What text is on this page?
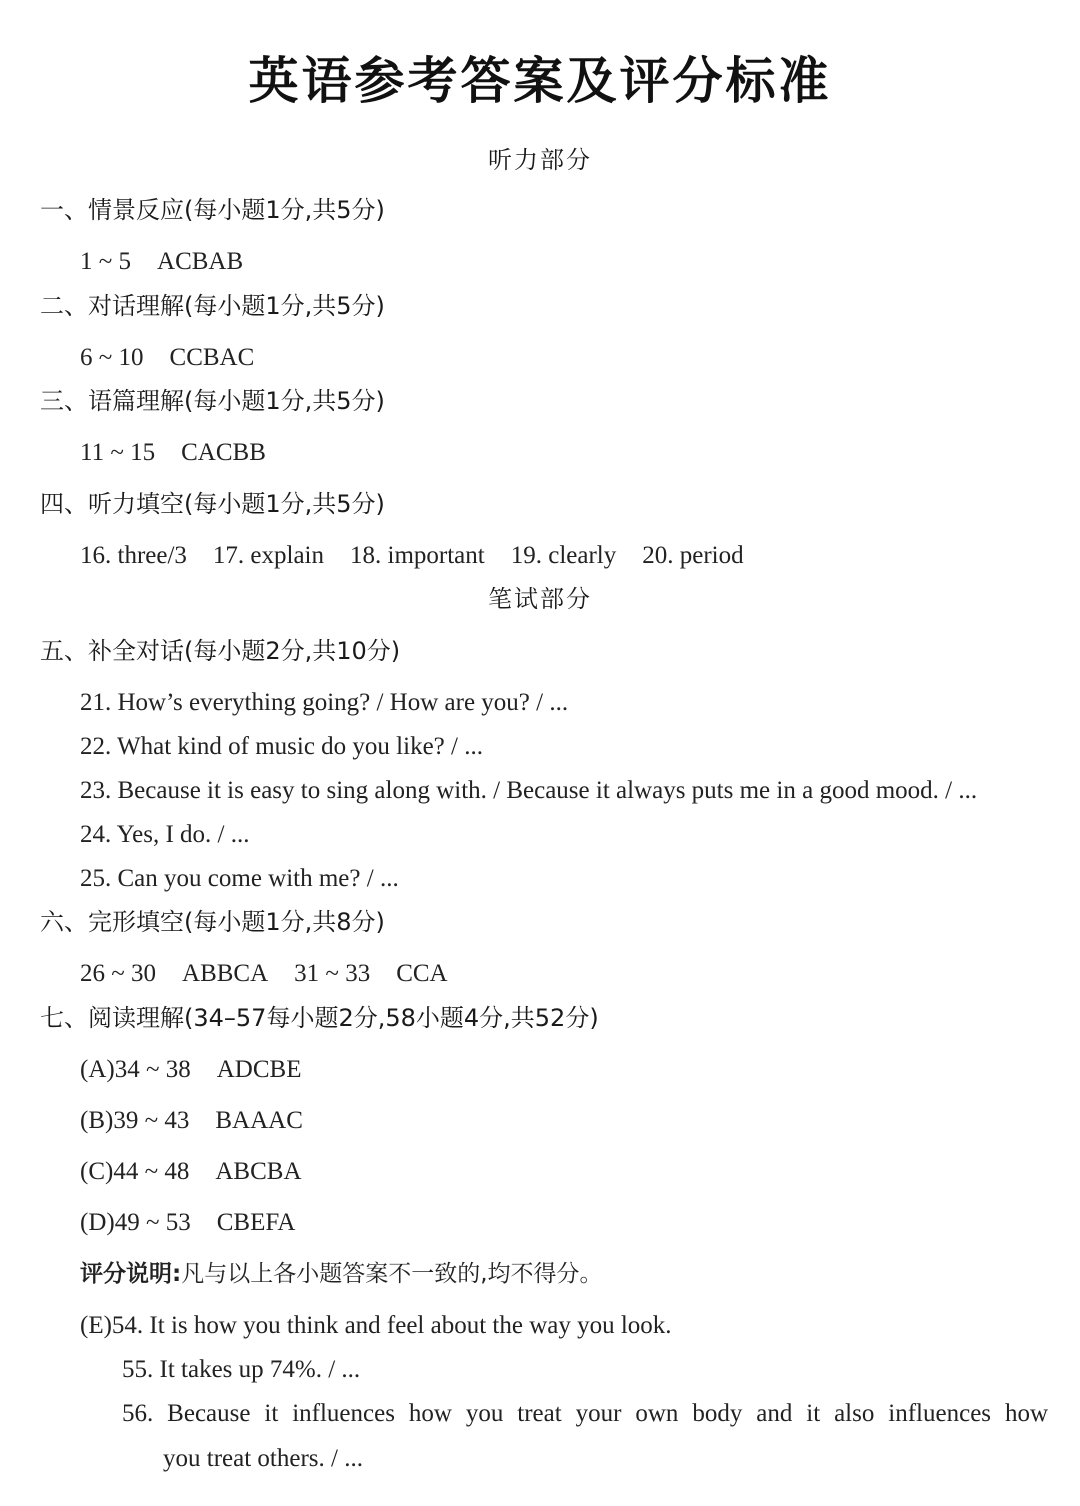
英语参考答案及评分标准
听力部分
一、情景反应(每小题1分,共5分)
1 ~ 5 ACBAB
二、对话理解(每小题1分,共5分)
6 ~ 10 CCBAC
三、语篇理解(每小题1分,共5分)
11 ~ 15 CACBB
四、听力填空(每小题1分,共5分)
16. three/3 17. explain 18. important 19. clearly 20. period
笔试部分
五、补全对话(每小题2分,共10分)
21. How’s everything going? / How are you? / ...
22. What kind of music do you like? / ...
23. Because it is easy to sing along with. / Because it always puts me in a good mood. / ...
24. Yes, I do. / ...
25. Can you come with me? / ...
六、完形填空(每小题1分,共8分)
26 ~ 30 ABBCA 31 ~ 33 CCA
七、阅读理解(34–57每小题2分,58小题4分,共52分)
(A)34 ~ 38 ADCBE
(B)39 ~ 43 BAAAC
(C)44 ~ 48 ABCBA
(D)49 ~ 53 CBEFA
评分说明:凡与以上各小题答案不一致的,均不得分。
(E)54. It is how you think and feel about the way you look.
55. It takes up 74%. / ...
56. Because it influences how you treat your own body and it also influences how
you treat others. / ...
